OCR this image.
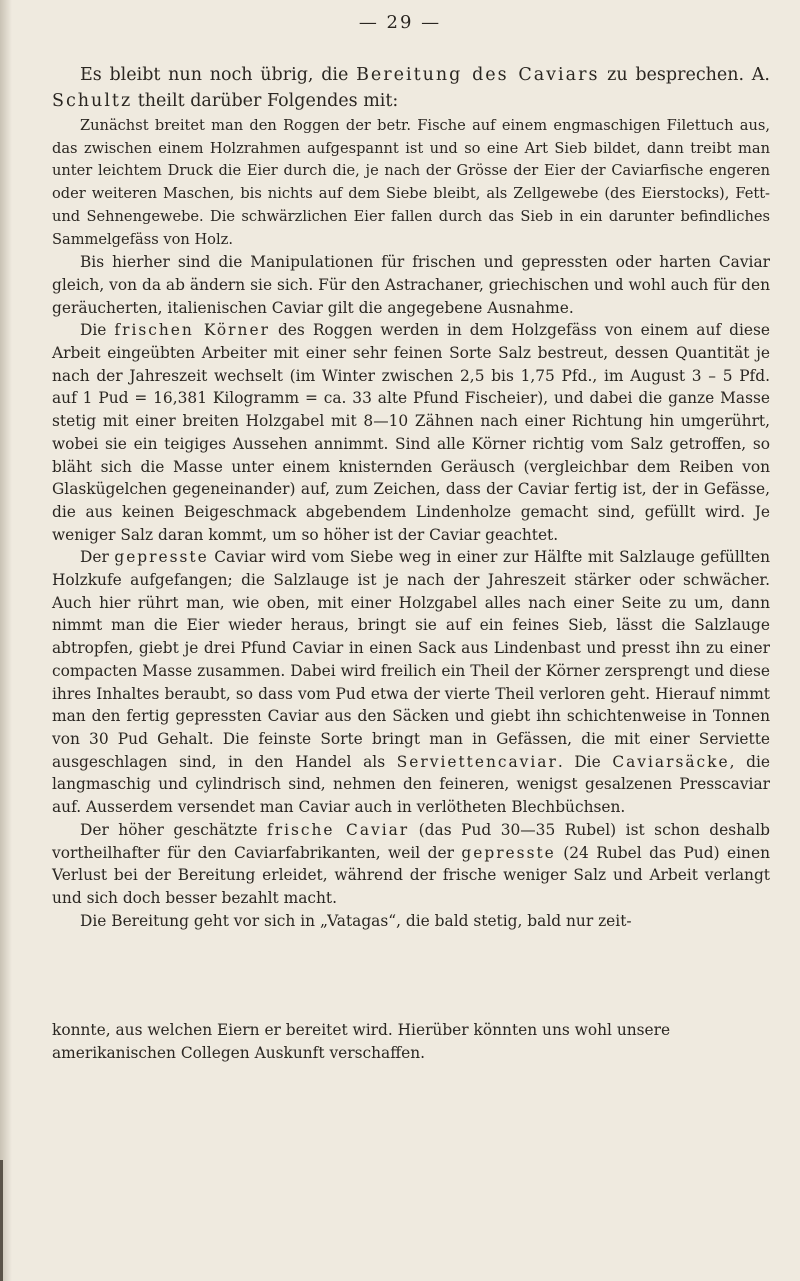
— 29 —

Es bleibt nun noch übrig, die Bereitung des Caviars zu besprechen. A. Schultz theilt darüber Folgendes mit:

Zunächst breitet man den Roggen der betr. Fische auf einem engmaschigen Filettuch aus, das zwischen einem Holzrahmen aufgespannt ist und so eine Art Sieb bildet, dann treibt man unter leichtem Druck die Eier durch die, je nach der Grösse der Eier der Caviarfische engeren oder weiteren Maschen, bis nichts auf dem Siebe bleibt, als Zellgewebe (des Eierstocks), Fett- und Sehnengewebe. Die schwärzlichen Eier fallen durch das Sieb in ein darunter befindliches Sammelgefäss von Holz.

Bis hierher sind die Manipulationen für frischen und gepressten oder harten Caviar gleich, von da ab ändern sie sich. Für den Astrachaner, griechischen und wohl auch für den geräucherten, italienischen Caviar gilt die angegebene Ausnahme.

Die frischen Körner des Roggen werden in dem Holzgefäss von einem auf diese Arbeit eingeübten Arbeiter mit einer sehr feinen Sorte Salz bestreut, dessen Quantität je nach der Jahreszeit wechselt (im Winter zwischen 2,5 bis 1,75 Pfd., im August 3 – 5 Pfd. auf 1 Pud = 16,381 Kilogramm = ca. 33 alte Pfund Fischeier), und dabei die ganze Masse stetig mit einer breiten Holzgabel mit 8—10 Zähnen nach einer Richtung hin umgerührt, wobei sie ein teigiges Aussehen annimmt. Sind alle Körner richtig vom Salz getroffen, so bläht sich die Masse unter einem knisternden Geräusch (vergleichbar dem Reiben von Glaskügelchen gegeneinander) auf, zum Zeichen, dass der Caviar fertig ist, der in Gefässe, die aus keinen Beigeschmack abgebendem Lindenholze gemacht sind, gefüllt wird. Je weniger Salz daran kommt, um so höher ist der Caviar geachtet.

Der gepresste Caviar wird vom Siebe weg in einer zur Hälfte mit Salzlauge gefüllten Holzkufe aufgefangen; die Salzlauge ist je nach der Jahreszeit stärker oder schwächer. Auch hier rührt man, wie oben, mit einer Holzgabel alles nach einer Seite zu um, dann nimmt man die Eier wieder heraus, bringt sie auf ein feines Sieb, lässt die Salzlauge abtropfen, giebt je drei Pfund Caviar in einen Sack aus Lindenbast und presst ihn zu einer compacten Masse zusammen. Dabei wird freilich ein Theil der Körner zersprengt und diese ihres Inhaltes beraubt, so dass vom Pud etwa der vierte Theil verloren geht. Hierauf nimmt man den fertig gepressten Caviar aus den Säcken und giebt ihn schichtenweise in Tonnen von 30 Pud Gehalt. Die feinste Sorte bringt man in Gefässen, die mit einer Serviette ausgeschlagen sind, in den Handel als Serviettencaviar. Die Caviarsäcke, die langmaschig und cylindrisch sind, nehmen den feineren, wenigst gesalzenen Presscaviar auf. Ausserdem versendet man Caviar auch in verlötheten Blechbüchsen.

Der höher geschätzte frische Caviar (das Pud 30—35 Rubel) ist schon deshalb vortheilhafter für den Caviarfabrikanten, weil der gepresste (24 Rubel das Pud) einen Verlust bei der Bereitung erleidet, während der frische weniger Salz und Arbeit verlangt und sich doch besser bezahlt macht.

Die Bereitung geht vor sich in „Vatagas“, die bald stetig, bald nur zeit-

konnte, aus welchen Eiern er bereitet wird. Hierüber könnten uns wohl unsere amerikanischen Collegen Auskunft verschaffen.
